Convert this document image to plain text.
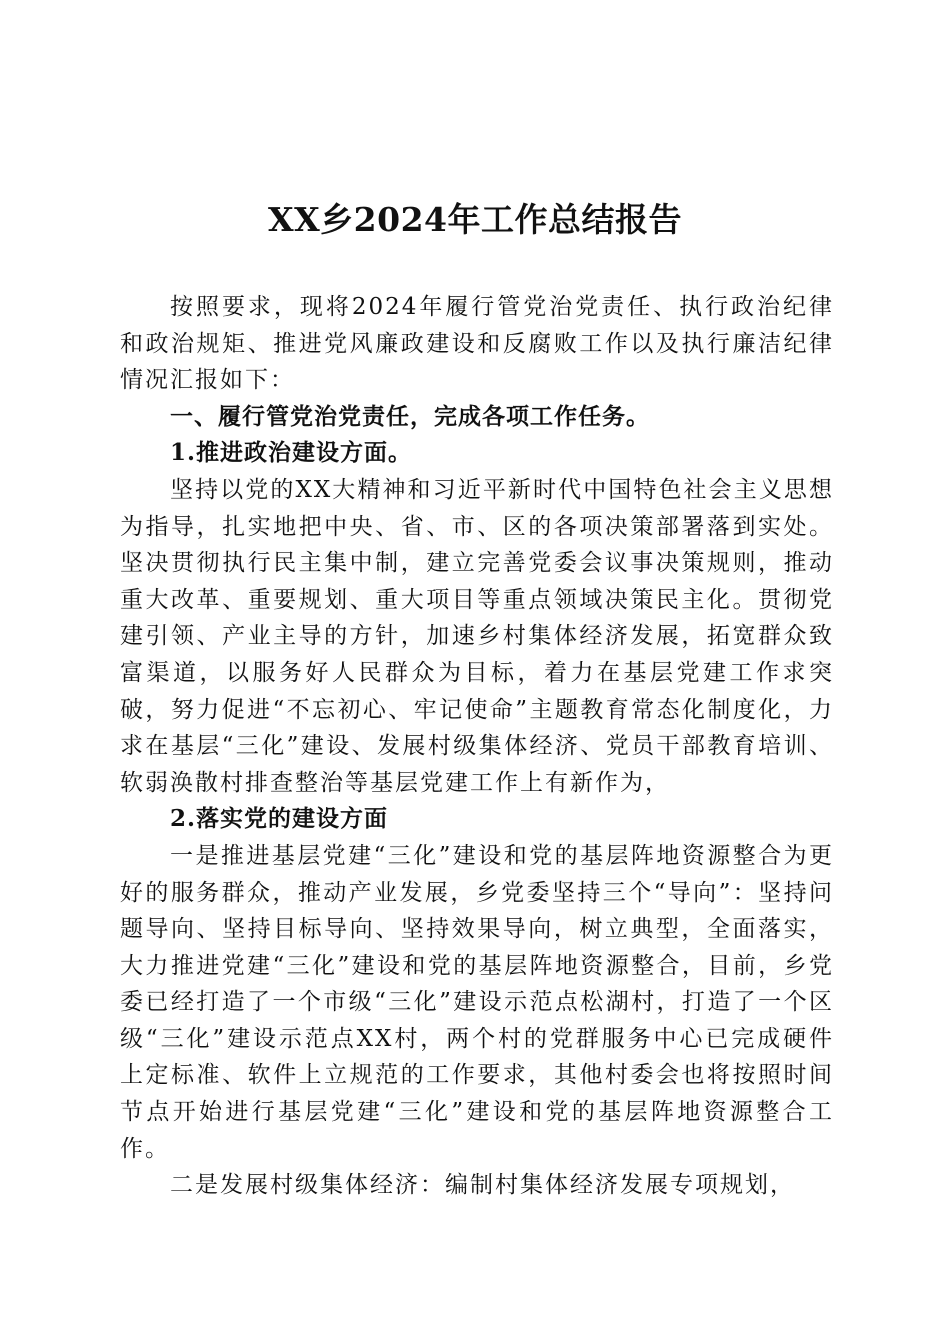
XX乡2024年工作总结报告

按照要求，现将2024年履行管党治党责任、执行政治纪律和政治规矩、推进党风廉政建设和反腐败工作以及执行廉洁纪律情况汇报如下：

一、履行管党治党责任，完成各项工作任务。

1.推进政治建设方面。

坚持以党的XX大精神和习近平新时代中国特色社会主义思想为指导，扎实地把中央、省、市、区的各项决策部署落到实处。坚决贯彻执行民主集中制，建立完善党委会议事决策规则，推动重大改革、重要规划、重大项目等重点领域决策民主化。贯彻党建引领、产业主导的方针，加速乡村集体经济发展，拓宽群众致富渠道，以服务好人民群众为目标，着力在基层党建工作求突破，努力促进“不忘初心、牢记使命”主题教育常态化制度化，力求在基层“三化”建设、发展村级集体经济、党员干部教育培训、软弱涣散村排查整治等基层党建工作上有新作为，

2.落实党的建设方面

一是推进基层党建“三化”建设和党的基层阵地资源整合为更好的服务群众，推动产业发展，乡党委坚持三个“导向”：坚持问题导向、坚持目标导向、坚持效果导向，树立典型，全面落实，大力推进党建“三化”建设和党的基层阵地资源整合，目前，乡党委已经打造了一个市级“三化”建设示范点松湖村，打造了一个区级“三化”建设示范点XX村，两个村的党群服务中心已完成硬件上定标准、软件上立规范的工作要求，其他村委会也将按照时间节点开始进行基层党建“三化”建设和党的基层阵地资源整合工作。

二是发展村级集体经济：编制村集体经济发展专项规划，
